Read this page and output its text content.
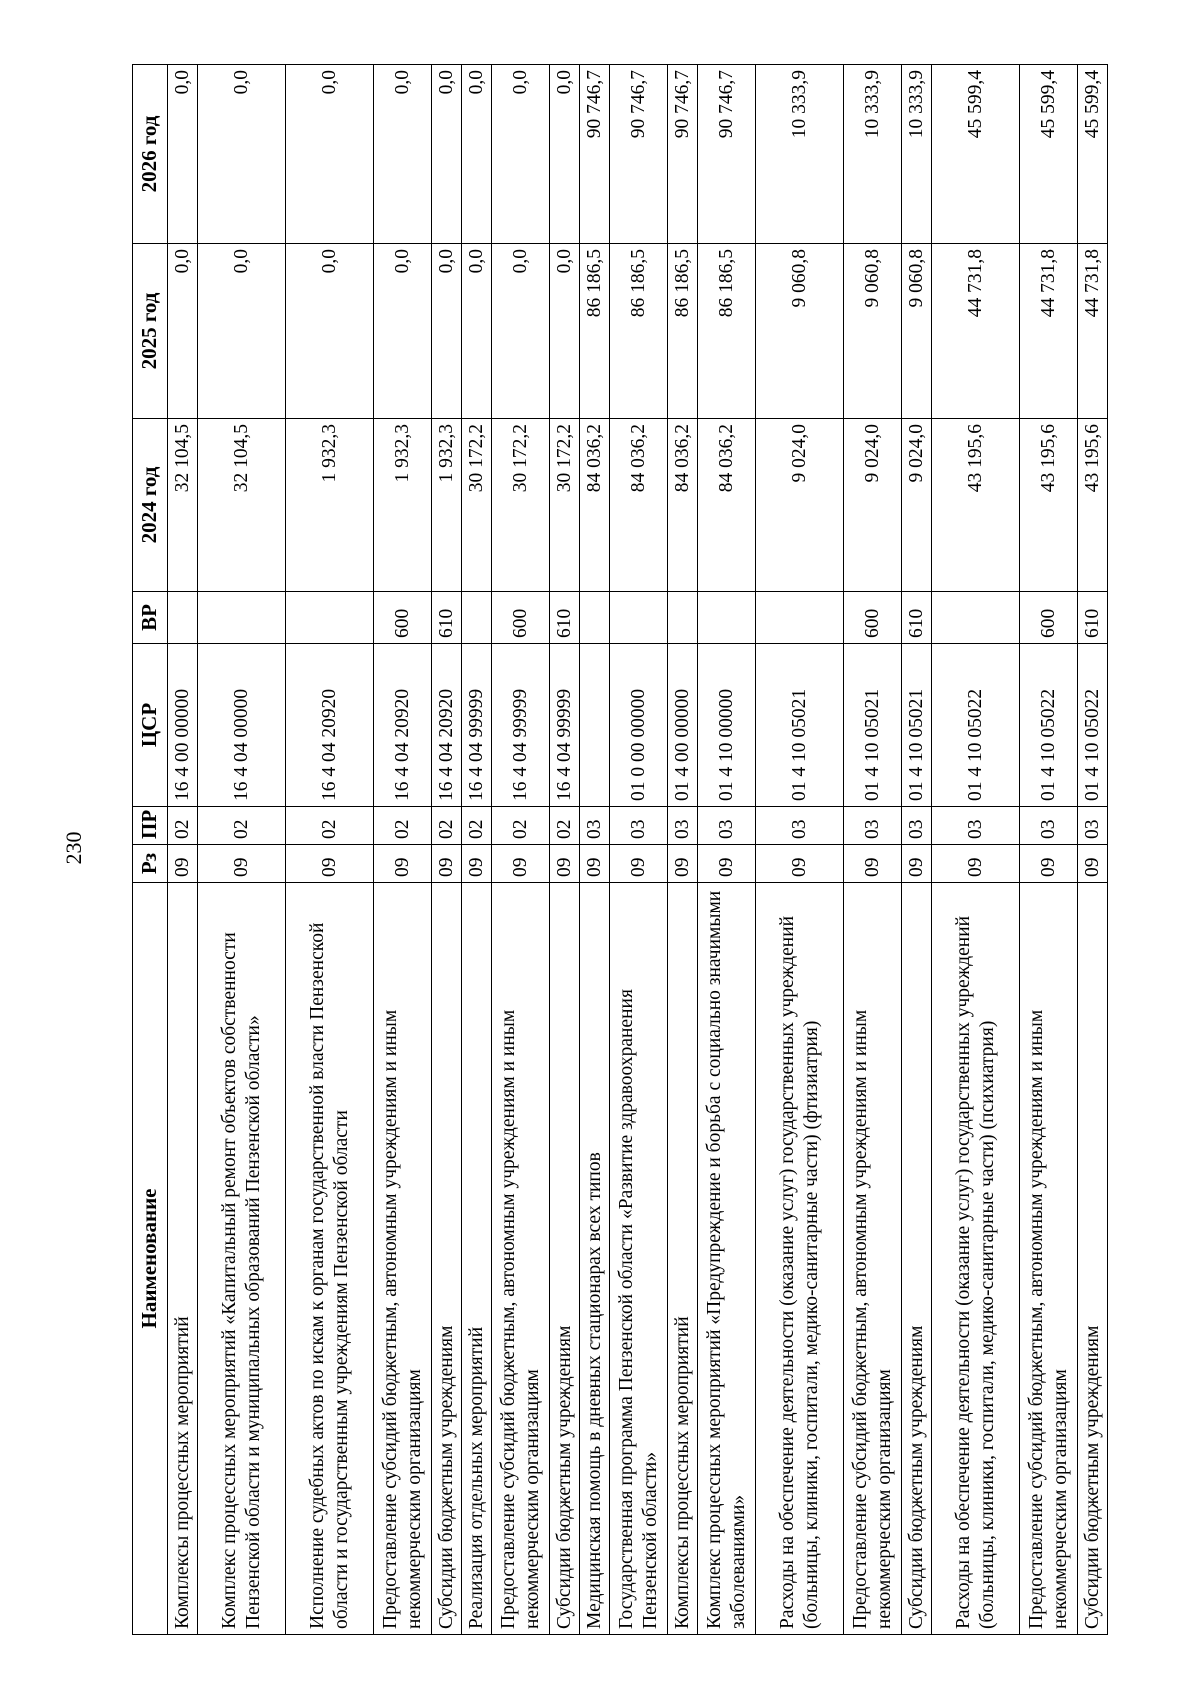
230
Наименование	Рз	ПР	ЦСР	ВР	2024 год	2025 год	2026 год
Комплексы процессных мероприятий	09	02	16 4 00 00000		32 104,5	0,0	0,0
Комплекс процессных мероприятий «Капитальный ремонт объектов собственности Пензенской области и муниципальных образований Пензенской области»	09	02	16 4 04 00000		32 104,5	0,0	0,0
Исполнение судебных актов по искам к органам государственной власти Пензенской области и государственным учреждениям Пензенской области	09	02	16 4 04 20920		1 932,3	0,0	0,0
Предоставление субсидий бюджетным, автономным учреждениям и иным некоммерческим организациям	09	02	16 4 04 20920	600	1 932,3	0,0	0,0
Субсидии бюджетным учреждениям	09	02	16 4 04 20920	610	1 932,3	0,0	0,0
Реализация отдельных мероприятий	09	02	16 4 04 99999		30 172,2	0,0	0,0
Предоставление субсидий бюджетным, автономным учреждениям и иным некоммерческим организациям	09	02	16 4 04 99999	600	30 172,2	0,0	0,0
Субсидии бюджетным учреждениям	09	02	16 4 04 99999	610	30 172,2	0,0	0,0
Медицинская помощь в дневных стационарах всех типов	09	03			84 036,2	86 186,5	90 746,7
Государственная программа Пензенской области «Развитие здравоохранения Пензенской области»	09	03	01 0 00 00000		84 036,2	86 186,5	90 746,7
Комплексы процессных мероприятий	09	03	01 4 00 00000		84 036,2	86 186,5	90 746,7
Комплекс процессных мероприятий «Предупреждение и борьба с социально значимыми заболеваниями»	09	03	01 4 10 00000		84 036,2	86 186,5	90 746,7
Расходы на обеспечение деятельности (оказание услуг) государственных учреждений (больницы, клиники, госпитали, медико-санитарные части) (фтизиатрия)	09	03	01 4 10 05021		9 024,0	9 060,8	10 333,9
Предоставление субсидий бюджетным, автономным учреждениям и иным некоммерческим организациям	09	03	01 4 10 05021	600	9 024,0	9 060,8	10 333,9
Субсидии бюджетным учреждениям	09	03	01 4 10 05021	610	9 024,0	9 060,8	10 333,9
Расходы на обеспечение деятельности (оказание услуг) государственных учреждений (больницы, клиники, госпитали, медико-санитарные части) (психиатрия)	09	03	01 4 10 05022		43 195,6	44 731,8	45 599,4
Предоставление субсидий бюджетным, автономным учреждениям и иным некоммерческим организациям	09	03	01 4 10 05022	600	43 195,6	44 731,8	45 599,4
Субсидии бюджетным учреждениям	09	03	01 4 10 05022	610	43 195,6	44 731,8	45 599,4
